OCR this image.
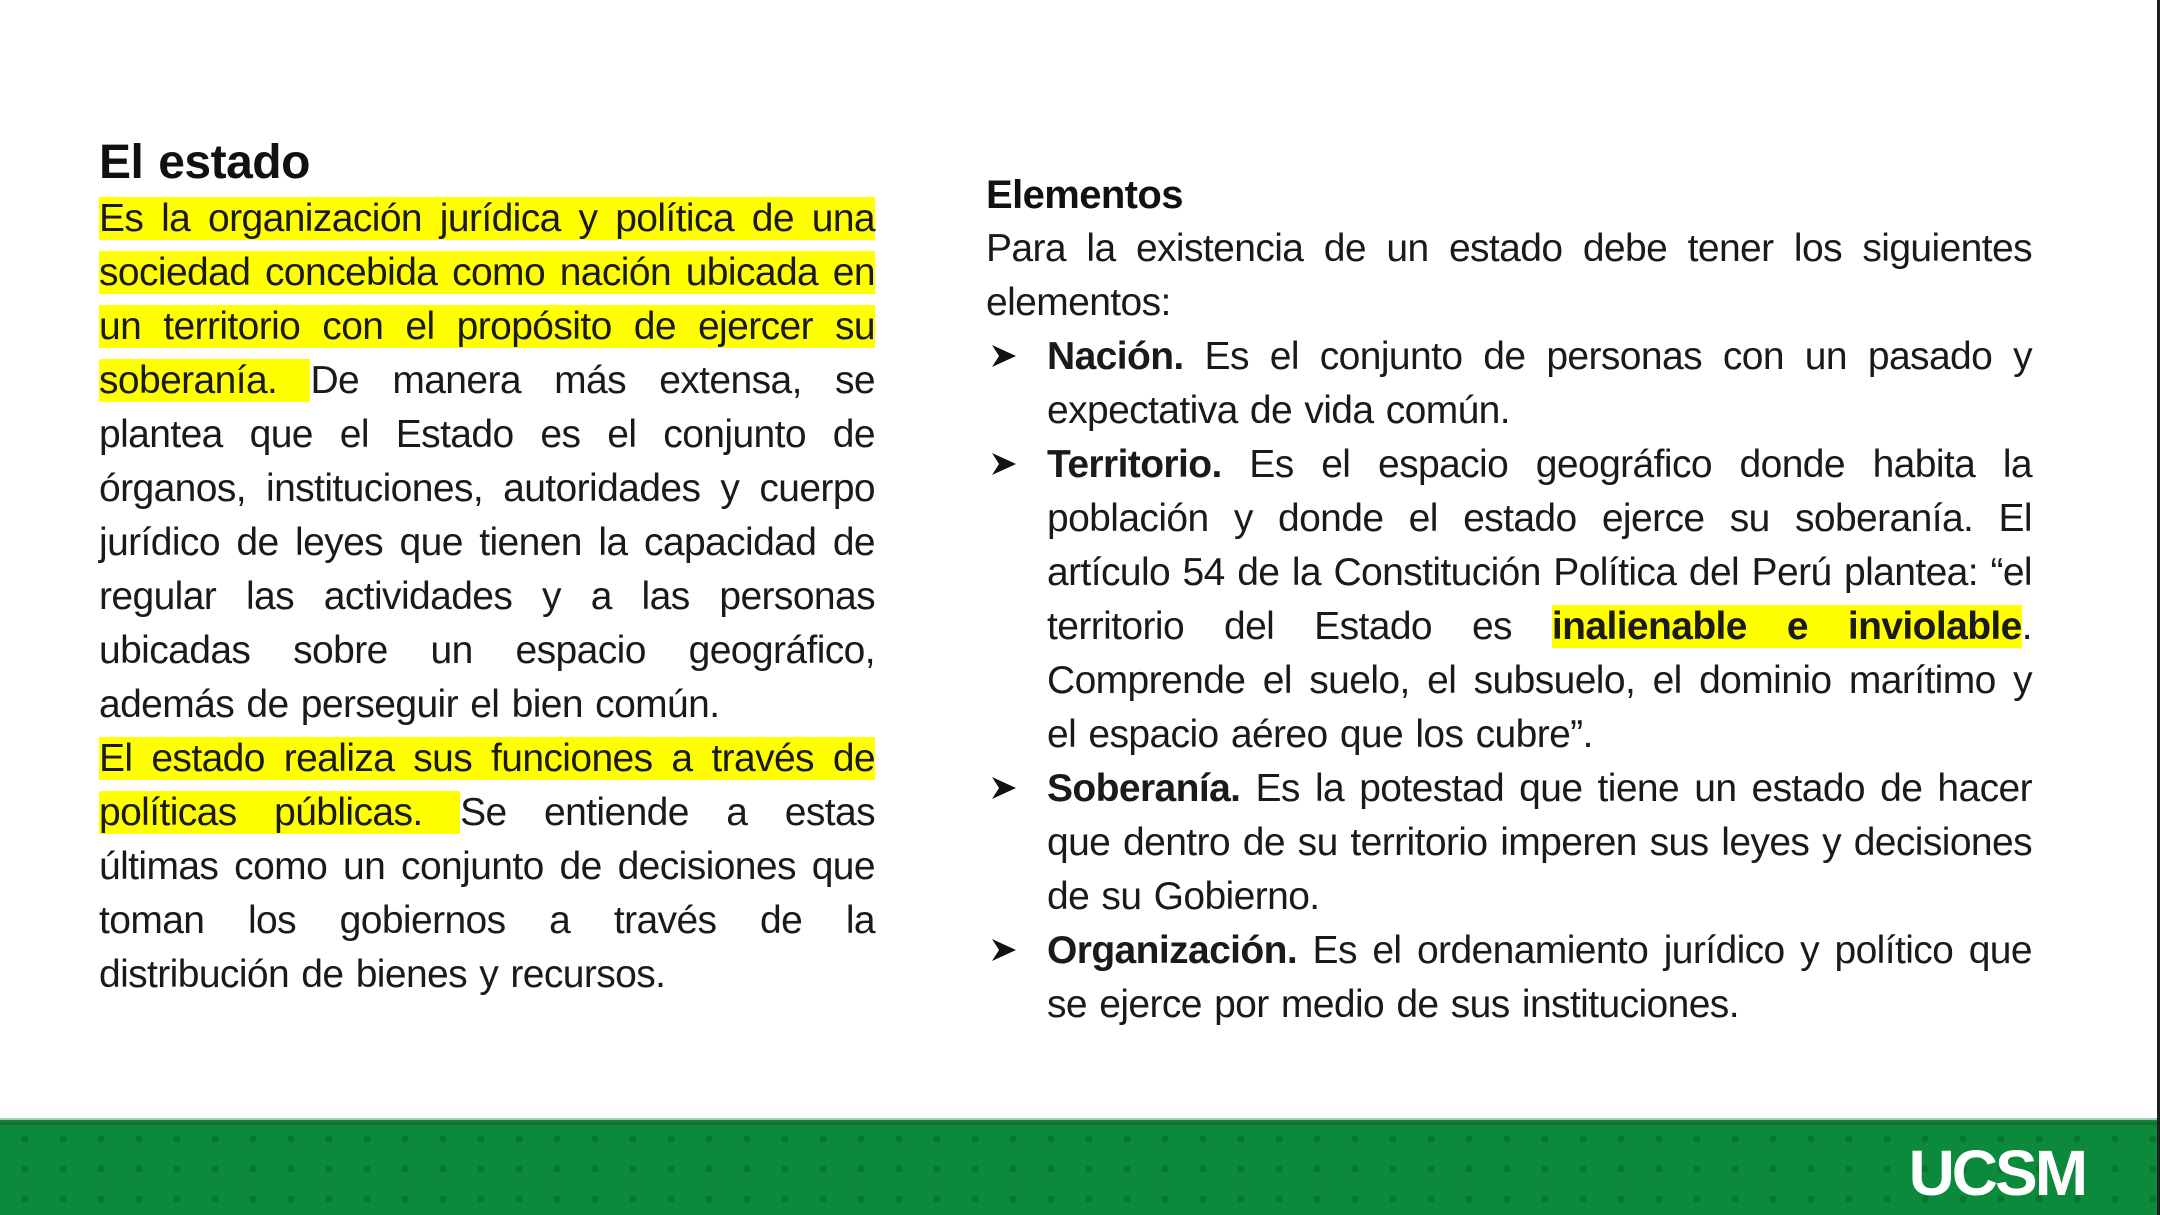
El estado

Es la organización jurídica y política de una sociedad concebida como nación ubicada en un territorio con el propósito de ejercer su soberanía. De manera más extensa, se plantea que el Estado es el conjunto de órganos, instituciones, autoridades y cuerpo jurídico de leyes que tienen la capacidad de regular las actividades y a las personas ubicadas sobre un espacio geográfico, además de perseguir el bien común.

El estado realiza sus funciones a través de políticas públicas. Se entiende a estas últimas como un conjunto de decisiones que toman los gobiernos a través de la distribución de bienes y recursos.

Elementos

Para la existencia de un estado debe tener los siguientes elementos:

Nación. Es el conjunto de personas con un pasado y expectativa de vida común.
Territorio. Es el espacio geográfico donde habita la población y donde el estado ejerce su soberanía. El artículo 54 de la Constitución Política del Perú plantea: “el territorio del Estado es inalienable e inviolable. Comprende el suelo, el subsuelo, el dominio marítimo y el espacio aéreo que los cubre”.
Soberanía. Es la potestad que tiene un estado de hacer que dentro de su territorio imperen sus leyes y decisiones de su Gobierno.
Organización. Es el ordenamiento jurídico y político que se ejerce por medio de sus instituciones.
UCSM
